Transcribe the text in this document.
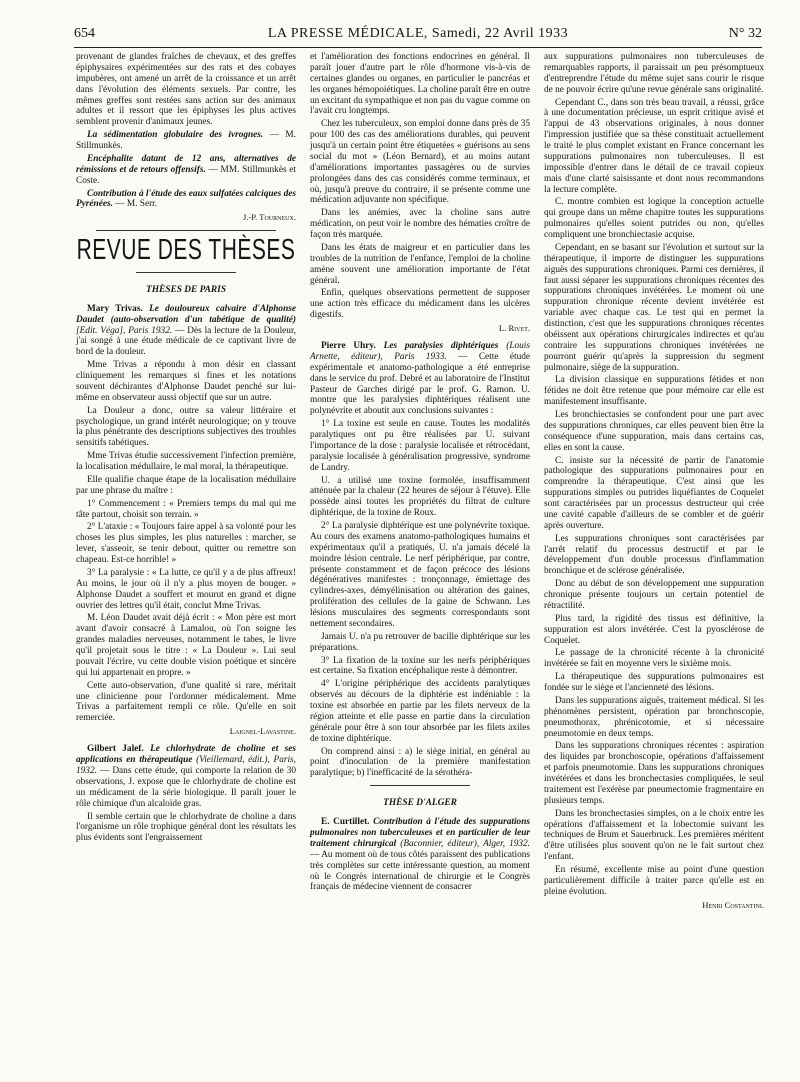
654	LA PRESSE MÉDICALE, Samedi, 22 Avril 1933	N° 32

provenant de glandes fraîches de chevaux, et des greffes épiphysaires expérimentées sur des rats et des cobayes impubères, ont amené un arrêt de la croissance et un arrêt dans l'évolution des éléments sexuels. Par contre, les mêmes greffes sont restées sans action sur des animaux adultes et il ressort que les épiphyses les plus actives semblent provenir d'animaux jeunes.

La sédimentation globulaire des ivrognes. — M. Stillmunkès.

Encéphalite datant de 12 ans, alternatives de rémissions et de retours offensifs. — MM. Stillmunkès et Coste.

Contribution à l'étude des eaux sulfatées calciques des Pyrénées. — M. Serr.

J.-P. Tourneux.

REVUE DES THÈSES
THÈSES DE PARIS

Mary Trivas. Le douloureux calvaire d'Alphonse Daudet (auto-observation d'un tabétique de qualité) [Edit. Véga], Paris 1932. — Dès la lecture de la Douleur, j'ai songé à une étude médicale de ce captivant livre de bord de la douleur.

Mme Trivas a répondu à mon désir en classant cliniquement les remarques si fines et les notations souvent déchirantes d'Alphonse Daudet penché sur lui-même en observateur aussi objectif que sur un autre.

La Douleur a donc, outre sa valeur littéraire et psychologique, un grand intérêt neurologique; on y trouve la plus pénétrante des descriptions subjectives des troubles sensitifs tabétiques.

Mme Trivas étudie successivement l'infection première, la localisation médullaire, le mal moral, la thérapeutique.

Elle qualifie chaque étape de la localisation médullaire par une phrase du maître :

1° Commencement : « Premiers temps du mal qui me tâte partout, choisit son terrain. »

2° L'ataxie : « Toujours faire appel à sa volonté pour les choses les plus simples, les plus naturelles : marcher, se lever, s'asseoir, se tenir debout, quitter ou remettre son chapeau. Est-ce horrible! »

3° La paralysie : « La lutte, ce qu'il y a de plus affreux! Au moins, le jour où il n'y a plus moyen de bouger. » Alphonse Daudet a souffert et mourut en grand et digne ouvrier des lettres qu'il était, conclut Mme Trivas.

M. Léon Daudet avait déjà écrit : « Mon père est mort avant d'avoir consacré à Lamalou, où l'on soigne les grandes maladies nerveuses, notamment le tabes, le livre qu'il projetait sous le titre : « La Douleur ». Lui seul pouvait l'écrire, vu cette double vision poétique et sincère qui lui appartenait en propre. »

Cette auto-observation, d'une qualité si rare, méritait une clinicienne pour l'ordonner médicalement. Mme Trivas a parfaitement rempli ce rôle. Qu'elle en soit remerciée.

Laignel-Lavastine.

Gilbert Jalef. Le chlorhydrate de choline et ses applications en thérapeutique (Vieillemard, édit.), Paris, 1932. — Dans cette étude, qui comporte la relation de 30 observations, J. expose que le chlorhydrate de choline est un médicament de la série biologique. Il paraît jouer le rôle chimique d'un alcaloïde gras.

Il semble certain que le chlorhydrate de choline a dans l'organisme un rôle trophique général dont les résultats les plus évidents sont l'engraissement

et l'amélioration des fonctions endocrines en général. Il paraît jouer d'autre part le rôle d'hormone vis-à-vis de certaines glandes ou organes, en particulier le pancréas et les organes hémopoiétiques. La choline paraît être en outre un excitant du sympathique et non pas du vague comme on l'avait cru longtemps.

Chez les tuberculeux, son emploi donne dans près de 35 pour 100 des cas des améliorations durables, qui peuvent jusqu'à un certain point être étiquetées « guérisons au sens social du mot » (Léon Bernard), et au moins autant d'améliorations importantes passagères ou de survies prolongées dans des cas considérés comme terminaux, et où, jusqu'à preuve du contraire, il se présente comme une médication adjuvante non spécifique.

Dans les anémies, avec la choline sans autre médication, on peut voir le nombre des hématies croître de façon très marquée.

Dans les états de maigreur et en particulier dans les troubles de la nutrition de l'enfance, l'emploi de la choline amène souvent une amélioration importante de l'état général.

Enfin, quelques observations permettent de supposer une action très efficace du médicament dans les ulcères digestifs.

L. Rivet.

Pierre Uhry. Les paralysies diphtériques (Louis Arnette, éditeur), Paris 1933. — Cette étude expérimentale et anatomo-pathologique a été entreprise dans le service du prof. Debré et au laboratoire de l'Institut Pasteur de Garches dirigé par le prof. G. Ramon. U. montre que les paralysies diphtériques réalisent une polynévrite et aboutit aux conclusions suivantes :

1° La toxine est seule en cause. Toutes les modalités paralytiques ont pu être réalisées par U. suivant l'importance de la dose : paralysie localisée et rétrocédant, paralysie localisée à généralisation progressive, syndrome de Landry.

U. a utilisé une toxine formolée, insuffisamment atténuée par la chaleur (22 heures de séjour à l'étuve). Elle possède ainsi toutes les propriétés du filtrat de culture diphtérique, de la toxine de Roux.

2° La paralysie diphtérique est une polynévrite toxique. Au cours des examens anatomo-pathologiques humains et expérimentaux qu'il a pratiqués, U. n'a jamais décelé la moindre lésion centrale. Le nerf périphérique, par contre, présente constamment et de façon précoce des lésions dégénératives manifestes : tronçonnage, émiettage des cylindres-axes, démyélinisation ou altération des gaines, prolifération des cellules de la gaine de Schwann. Les lésions musculaires des segments correspondants sont nettement secondaires.

Jamais U. n'a pu retrouver de bacille diphtérique sur les préparations.

3° La fixation de la toxine sur les nerfs périphériques est certaine. Sa fixation encéphalique reste à démontrer.

4° L'origine périphérique des accidents paralytiques observés au décours de la diphtérie est indéniable : la toxine est absorbée en partie par les filets nerveux de la région atteinte et elle passe en partie dans la circulation générale pour être à son tour absorbée par les filets axiles de toxine diphtérique.

On comprend ainsi : a) le siège initial, en général au point d'inoculation de la première manifestation paralytique; b) l'inefficacité de la sérothéra-

THÈSE D'ALGER

E. Curtillet. Contribution à l'étude des suppurations pulmonaires non tuberculeuses et en particulier de leur traitement chirurgical (Baconnier, éditeur), Alger, 1932. — Au moment où de tous côtés paraissent des publications très complètes sur cette intéressante question, au moment où le Congrès international de chirurgie et le Congrès français de médecine viennent de consacrer

aux suppurations pulmonaires non tuberculeuses de remarquables rapports, il paraissait un peu présomptueux d'entreprendre l'étude du même sujet sans courir le risque de ne pouvoir écrire qu'une revue générale sans originalité.

Cependant C., dans son très beau travail, a réussi, grâce à une documentation précieuse, un esprit critique avisé et l'appui de 43 observations originales, à nous donner l'impression justifiée que sa thèse constituait actuellement le traité le plus complet existant en France concernant les suppurations pulmonaires non tuberculeuses. Il est impossible d'entrer dans le détail de ce travail copieux mais d'une clarté saisissante et dont nous recommandons la lecture complète.

C. montre combien est logique la conception actuelle qui groupe dans un même chapitre toutes les suppurations pulmonaires qu'elles soient putrides ou non, qu'elles compliquent une bronchiectasie acquise.

Cependant, en se basant sur l'évolution et surtout sur la thérapeutique, il importe de distinguer les suppurations aiguës des suppurations chroniques. Parmi ces dernières, il faut aussi séparer les suppurations chroniques récentes des suppurations chroniques invétérées. Le moment où une suppuration chronique récente devient invétérée est variable avec chaque cas. Le test qui en permet la distinction, c'est que les suppurations chroniques récentes obéissent aux opérations chirurgicales indirectes et qu'au contraire les suppurations chroniques invétérées ne pourront guérir qu'après la suppression du segment pulmonaire, siège de la suppuration.

La division classique en suppurations fétides et non fétides ne doit être retenue que pour mémoire car elle est manifestement insuffisante.

Les bronchiectasies se confondent pour une part avec des suppurations chroniques, car elles peuvent bien être la conséquence d'une suppuration, mais dans certains cas, elles en sont la cause.

C. insiste sur la nécessité de partir de l'anatomie pathologique des suppurations pulmonaires pour en comprendre la thérapeutique. C'est ainsi que les suppurations simples ou putrides liquéfiantes de Coquelet sont caractérisées par un processus destructeur qui crée une cavité capable d'ailleurs de se combler et de guérir après ouverture.

Les suppurations chroniques sont caractérisées par l'arrêt relatif du processus destructif et par le développement d'un double processus d'inflammation bronchique et de sclérose généralisée.

Donc au début de son développement une suppuration chronique présente toujours un certain potentiel de rétractilité.

Plus tard, la rigidité des tissus est définitive, la suppuration est alors invétérée. C'est la pyosclérose de Coquelet.

Le passage de la chronicité récente à la chronicité invétérée se fait en moyenne vers le sixième mois.

La thérapeutique des suppurations pulmonaires est fondée sur le siège et l'ancienneté des lésions.

Dans les suppurations aiguës, traitement médical. Si les phénomènes persistent, opération par bronchoscopie, pneumothorax, phrénicotomie, et si nécessaire pneumotomie en deux temps.

Dans les suppurations chroniques récentes : aspiration des liquides par bronchoscopie, opérations d'affaissement et parfois pneumotomie. Dans les suppurations chroniques invétérées et dans les bronchectasies compliquées, le seul traitement est l'exérèse par pneumectomie fragmentaire en plusieurs temps.

Dans les bronchectasies simples, on a le choix entre les opérations d'affaissement et la lobectomie suivant les techniques de Brum et Sauerbruck. Les premières méritent d'être utilisées plus souvent qu'on ne le fait surtout chez l'enfant.

En résumé, excellente mise au point d'une question particulièrement difficile à traiter parce qu'elle est en pleine évolution.

Henri Costantini.
